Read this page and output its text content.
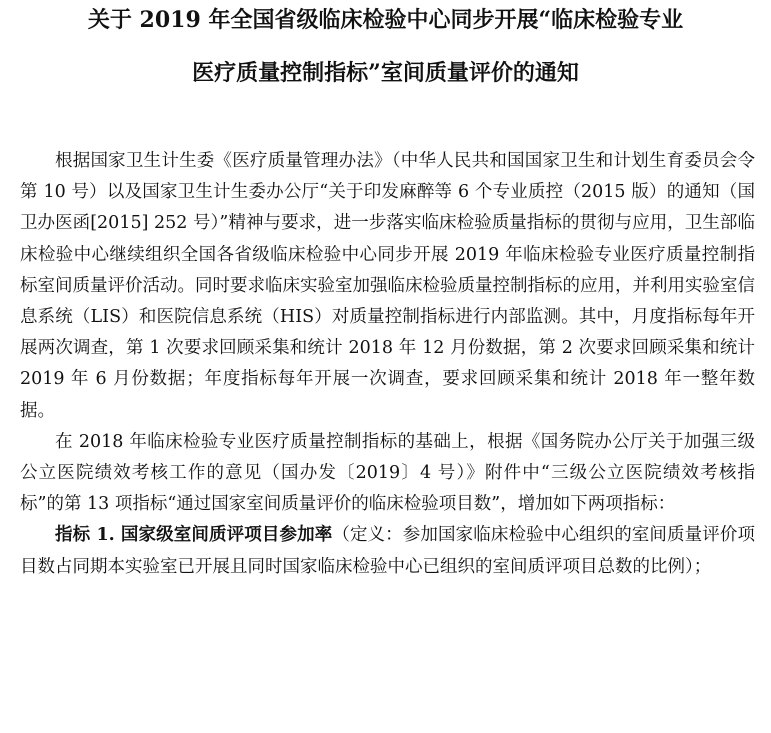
关于 2019 年全国省级临床检验中心同步开展“临床检验专业
医疗质量控制指标”室间质量评价的通知

根据国家卫生计生委《医疗质量管理办法》（中华人民共和国国家卫生和计划生育委员会令第 10 号）以及国家卫生计生委办公厅“关于印发麻醉等 6 个专业质控（2015 版）的通知（国卫办医函[2015] 252 号）”精神与要求，进一步落实临床检验质量指标的贯彻与应用，卫生部临床检验中心继续组织全国各省级临床检验中心同步开展 2019 年临床检验专业医疗质量控制指标室间质量评价活动。同时要求临床实验室加强临床检验质量控制指标的应用，并利用实验室信息系统（LIS）和医院信息系统（HIS）对质量控制指标进行内部监测。其中，月度指标每年开展两次调查，第 1 次要求回顾采集和统计 2018 年 12 月份数据，第 2 次要求回顾采集和统计 2019 年 6 月份数据；年度指标每年开展一次调查，要求回顾采集和统计 2018 年一整年数据。

在 2018 年临床检验专业医疗质量控制指标的基础上，根据《国务院办公厅关于加强三级公立医院绩效考核工作的意见（国办发〔2019〕4 号）》附件中“三级公立医院绩效考核指标”的第 13 项指标“通过国家室间质量评价的临床检验项目数”，增加如下两项指标：

指标 1. 国家级室间质评项目参加率（定义：参加国家临床检验中心组织的室间质量评价项目数占同期本实验室已开展且同时国家临床检验中心已组织的室间质评项目总数的比例）；
